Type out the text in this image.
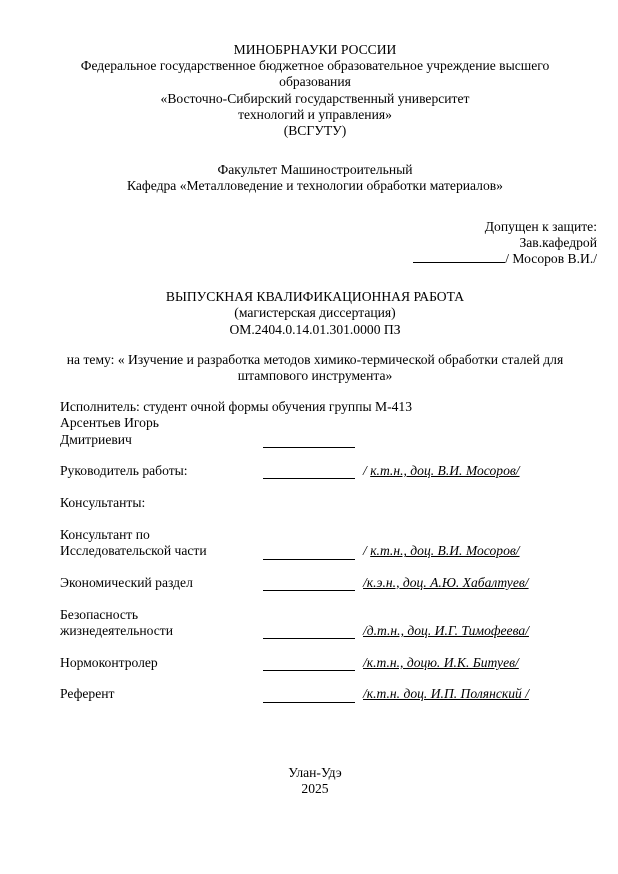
МИНОБРНАУКИ РОССИИ
Федеральное государственное бюджетное образовательное учреждение высшего
образования
«Восточно-Сибирский государственный университет
технологий и управления»
(ВСГУТУ)
Факультет Машиностроительный
Кафедра «Металловедение и технологии обработки материалов»
Допущен к защите:
Зав.кафедрой
/ Мосоров В.И./
ВЫПУСКНАЯ КВАЛИФИКАЦИОННАЯ РАБОТА
(магистерская диссертация)
ОМ.2404.0.14.01.301.0000 ПЗ
на тему: « Изучение и разработка методов химико-термической обработки сталей для
штампового инструмента»
Исполнитель: студент очной формы обучения группы М-413
Арсентьев Игорь
Дмитриевич
Руководитель работы:	/ к.т.н., доц. В.И. Мосоров/
Консультанты:
Консультант по
Исследовательской части	/ к.т.н., доц. В.И. Мосоров/
Экономический раздел	/к.э.н., доц. А.Ю. Хабалтуев/
Безопасность
жизнедеятельности	/д.т.н., доц. И.Г. Тимофеева/
Нормоконтролер	/к.т.н., доцю. И.К. Битуев/
Референт	/к.т.н. доц. И.П. Полянский /
Улан-Удэ
2025
